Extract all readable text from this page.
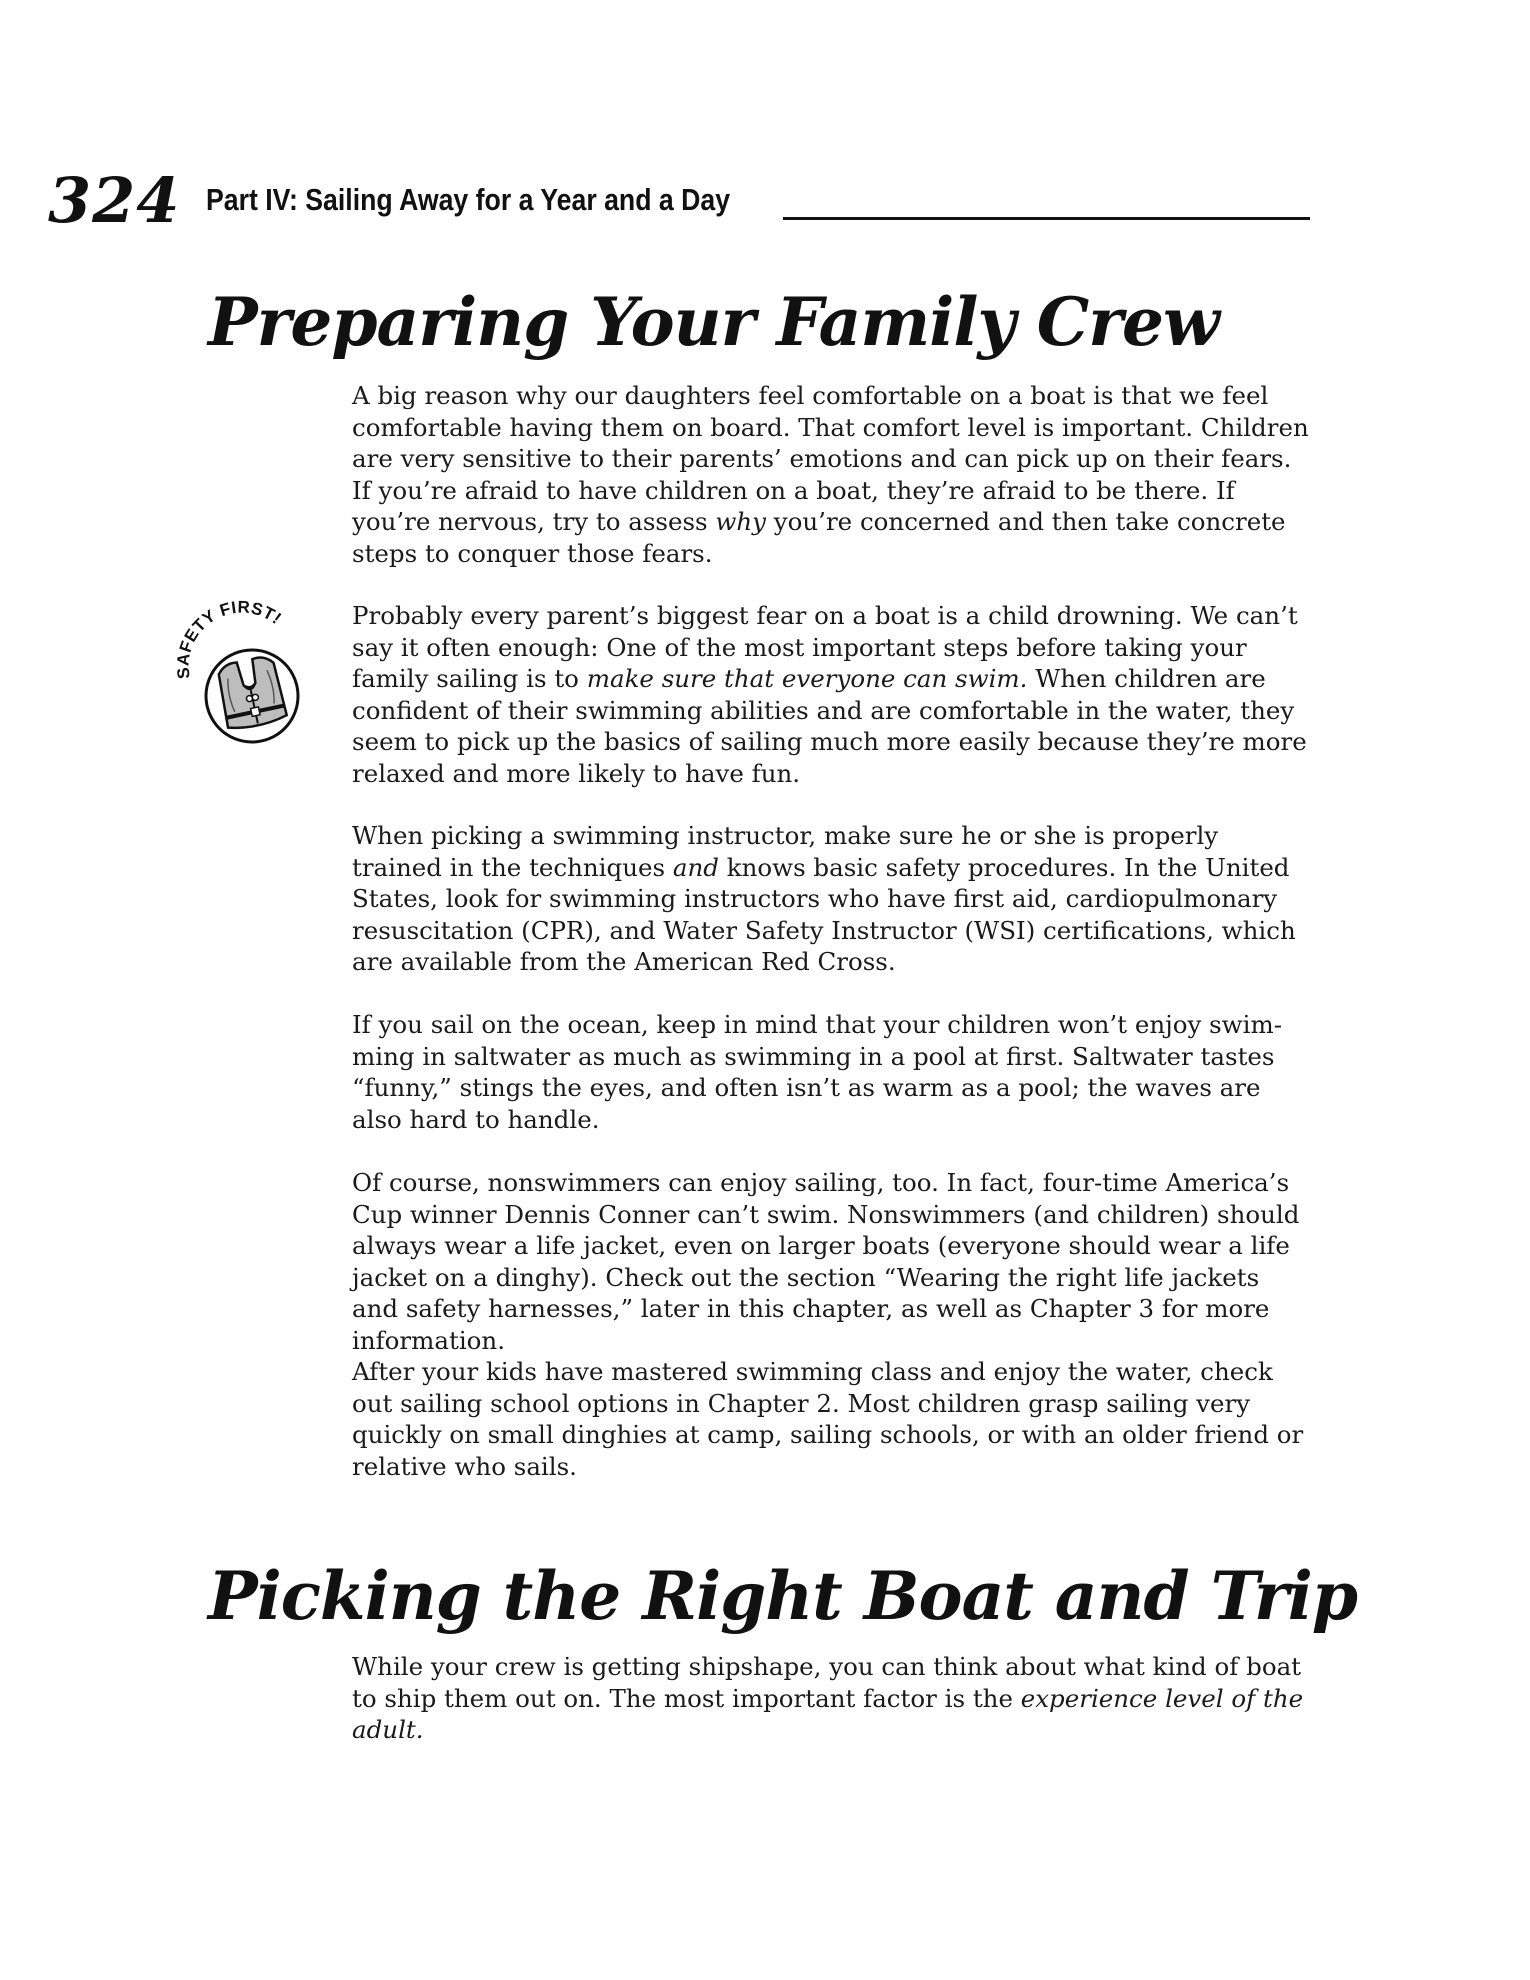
324 Part IV: Sailing Away for a Year and a Day
Preparing Your Family Crew

A big reason why our daughters feel comfortable on a boat is that we feel comfortable having them on board. That comfort level is important. Children are very sensitive to their parents’ emotions and can pick up on their fears. If you’re afraid to have children on a boat, they’re afraid to be there. If you’re nervous, try to assess why you’re concerned and then take concrete steps to conquer those fears.

FETY FIRST!	Probably every parent’s biggest fear on a boat is a child drowning. We can’t say it often enough: One of the most important steps before taking your family sailing is to make sure that everyone can swim. When children are confident of their swimming abilities and are comfortable in the water, they seem to pick up the basics of sailing much more easily because they’re more relaxed and more likely to have fun.

When picking a swimming instructor, make sure he or she is properly trained in the techniques and knows basic safety procedures. In the United States, look for swimming instructors who have first aid, cardiopulmonary resuscitation (CPR), and Water Safety Instructor (WSI) certifications, which are available from the American Red Cross.

If you sail on the ocean, keep in mind that your children won’t enjoy swimming in saltwater as much as swimming in a pool at first. Saltwater tastes “funny,” stings the eyes, and often isn’t as warm as a pool; the waves are also hard to handle.

Of course, nonswimmers can enjoy sailing, too. In fact, four-time America’s Cup winner Dennis Conner can’t swim. Nonswimmers (and children) should always wear a life jacket, even on larger boats (everyone should wear a life jacket on a dinghy). Check out the section “Wearing the right life jackets and safety harnesses,” later in this chapter, as well as Chapter 3 for more information.

After your kids have mastered swimming class and enjoy the water, check out sailing school options in Chapter 2. Most children grasp sailing very quickly on small dinghies at camp, sailing schools, or with an older friend or relative who sails.

Picking the Right Boat and Trip

While your crew is getting shipshape, you can think about what kind of boat to ship them out on. The most important factor is the experience level of the adult.
